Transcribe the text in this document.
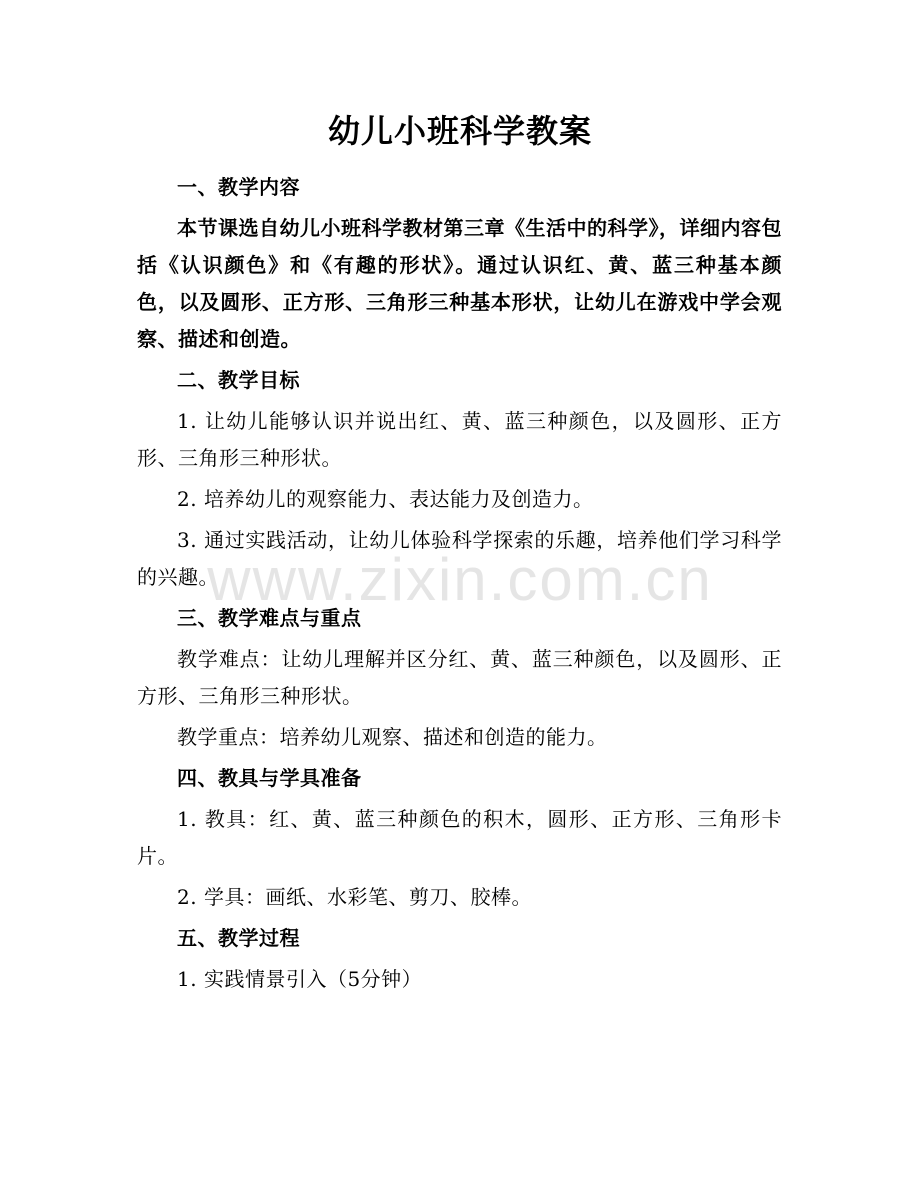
幼儿小班科学教案

一、教学内容

本节课选自幼儿小班科学教材第三章《生活中的科学》，详细内容包括《认识颜色》和《有趣的形状》。通过认识红、黄、蓝三种基本颜色，以及圆形、正方形、三角形三种基本形状，让幼儿在游戏中学会观察、描述和创造。

二、教学目标

1. 让幼儿能够认识并说出红、黄、蓝三种颜色，以及圆形、正方形、三角形三种形状。

2. 培养幼儿的观察能力、表达能力及创造力。

3. 通过实践活动，让幼儿体验科学探索的乐趣，培养他们学习科学的兴趣。

三、教学难点与重点

教学难点：让幼儿理解并区分红、黄、蓝三种颜色，以及圆形、正方形、三角形三种形状。

教学重点：培养幼儿观察、描述和创造的能力。

四、教具与学具准备

1. 教具：红、黄、蓝三种颜色的积木，圆形、正方形、三角形卡片。

2. 学具：画纸、水彩笔、剪刀、胶棒。

五、教学过程

1. 实践情景引入（5分钟）

www.zixin.com.cn
